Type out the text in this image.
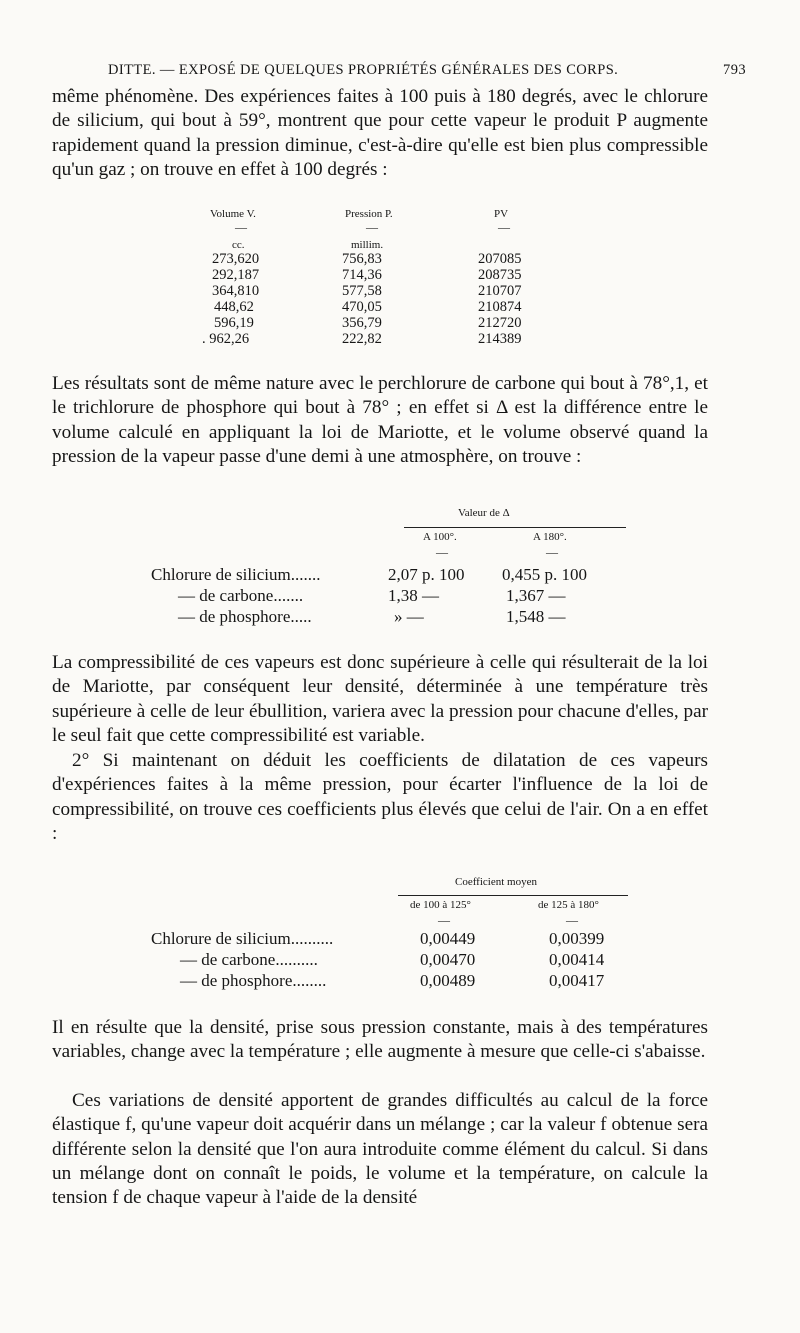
DITTE. — EXPOSÉ DE QUELQUES PROPRIÉTÉS GÉNÉRALES DES CORPS.	793

même phénomène. Des expériences faites à 100 puis à 180 degrés, avec le chlorure de silicium, qui bout à 59°, montrent que pour cette vapeur le produit P augmente rapidement quand la pression diminue, c'est-à-dire qu'elle est bien plus compressible qu'un gaz ; on trouve en effet à 100 degrés :

Volume V.	Pression P.	PV
—	—	—
cc.	millim.
273,620	756,83	207085
292,187	714,36	208735
364,810	577,58	210707
448,62	470,05	210874
596,19	356,79	212720
. 962,26	222,82	214389

Les résultats sont de même nature avec le perchlorure de carbone qui bout à 78°,1, et le trichlorure de phosphore qui bout à 78° ; en effet si Δ est la différence entre le volume calculé en appliquant la loi de Mariotte, et le volume observé quand la pression de la vapeur passe d'une demi à une atmosphère, on trouve :

Valeur de Δ
A 100°.	A 180°.
—	—
Chlorure de silicium.......	2,07 p. 100 0,455 p. 100
— de carbone.......	1,38 —	1,367 —
— de phosphore.....	» —	1,548 —

La compressibilité de ces vapeurs est donc supérieure à celle qui résulterait de la loi de Mariotte, par conséquent leur densité, déterminée à une température très supérieure à celle de leur ébullition, variera avec la pression pour chacune d'elles, par le seul fait que cette compressibilité est variable.

2° Si maintenant on déduit les coefficients de dilatation de ces vapeurs d'expériences faites à la même pression, pour écarter l'influence de la loi de compressibilité, on trouve ces coefficients plus élevés que celui de l'air. On a en effet :

Coefficient moyen
de 100 à 125°	de 125 à 180°
—	—
Chlorure de silicium..........	0,00449	0,00399
— de carbone..........	0,00470	0,00414
— de phosphore........	0,00489	0,00417

Il en résulte que la densité, prise sous pression constante, mais à des températures variables, change avec la température ; elle augmente à mesure que celle-ci s'abaisse.

Ces variations de densité apportent de grandes difficultés au calcul de la force élastique f, qu'une vapeur doit acquérir dans un mélange ; car la valeur f obtenue sera différente selon la densité que l'on aura introduite comme élément du calcul. Si dans un mélange dont on connaît le poids, le volume et la température, on calcule la tension f de chaque vapeur à l'aide de la densité
